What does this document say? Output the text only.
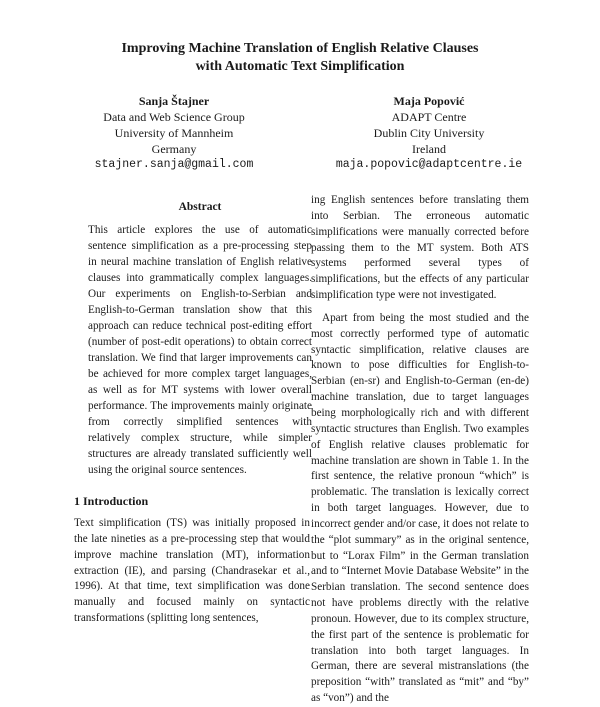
Improving Machine Translation of English Relative Clauses
with Automatic Text Simplification
Sanja Štajner
Data and Web Science Group
University of Mannheim
Germany
stajner.sanja@gmail.com
Maja Popović
ADAPT Centre
Dublin City University
Ireland
maja.popovic@adaptcentre.ie
Abstract

This article explores the use of automatic sentence simplification as a pre-processing step in neural machine translation of English relative clauses into grammatically complex languages. Our experiments on English-to-Serbian and English-to-German translation show that this approach can reduce technical post-editing effort (number of post-edit operations) to obtain correct translation. We find that larger improvements can be achieved for more complex target languages, as well as for MT systems with lower overall performance. The improvements mainly originate from correctly simplified sentences with relatively complex structure, while simpler structures are already translated sufficiently well using the original source sentences.

1 Introduction

Text simplification (TS) was initially proposed in the late nineties as a pre-processing step that would improve machine translation (MT), information extraction (IE), and parsing (Chandrasekar et al., 1996). At that time, text simplification was done manually and focused mainly on syntactic transformations (splitting long sentences,

ing English sentences before translating them into Serbian. The erroneous automatic simplifications were manually corrected before passing them to the MT system. Both ATS systems performed several types of simplifications, but the effects of any particular simplification type were not investigated.

Apart from being the most studied and the most correctly performed type of automatic syntactic simplification, relative clauses are known to pose difficulties for English-to-Serbian (en-sr) and English-to-German (en-de) machine translation, due to target languages being morphologically rich and with different syntactic structures than English. Two examples of English relative clauses problematic for machine translation are shown in Table 1. In the first sentence, the relative pronoun “which” is problematic. The translation is lexically correct in both target languages. However, due to incorrect gender and/or case, it does not relate to the “plot summary” as in the original sentence, but to “Lorax Film” in the German translation and to “Internet Movie Database Website” in the Serbian translation. The second sentence does not have problems directly with the relative pronoun. However, due to its complex structure, the first part of the sentence is problematic for translation into both target languages. In German, there are several mistranslations (the preposition “with” translated as “mit” and “by” as “von”) and the
